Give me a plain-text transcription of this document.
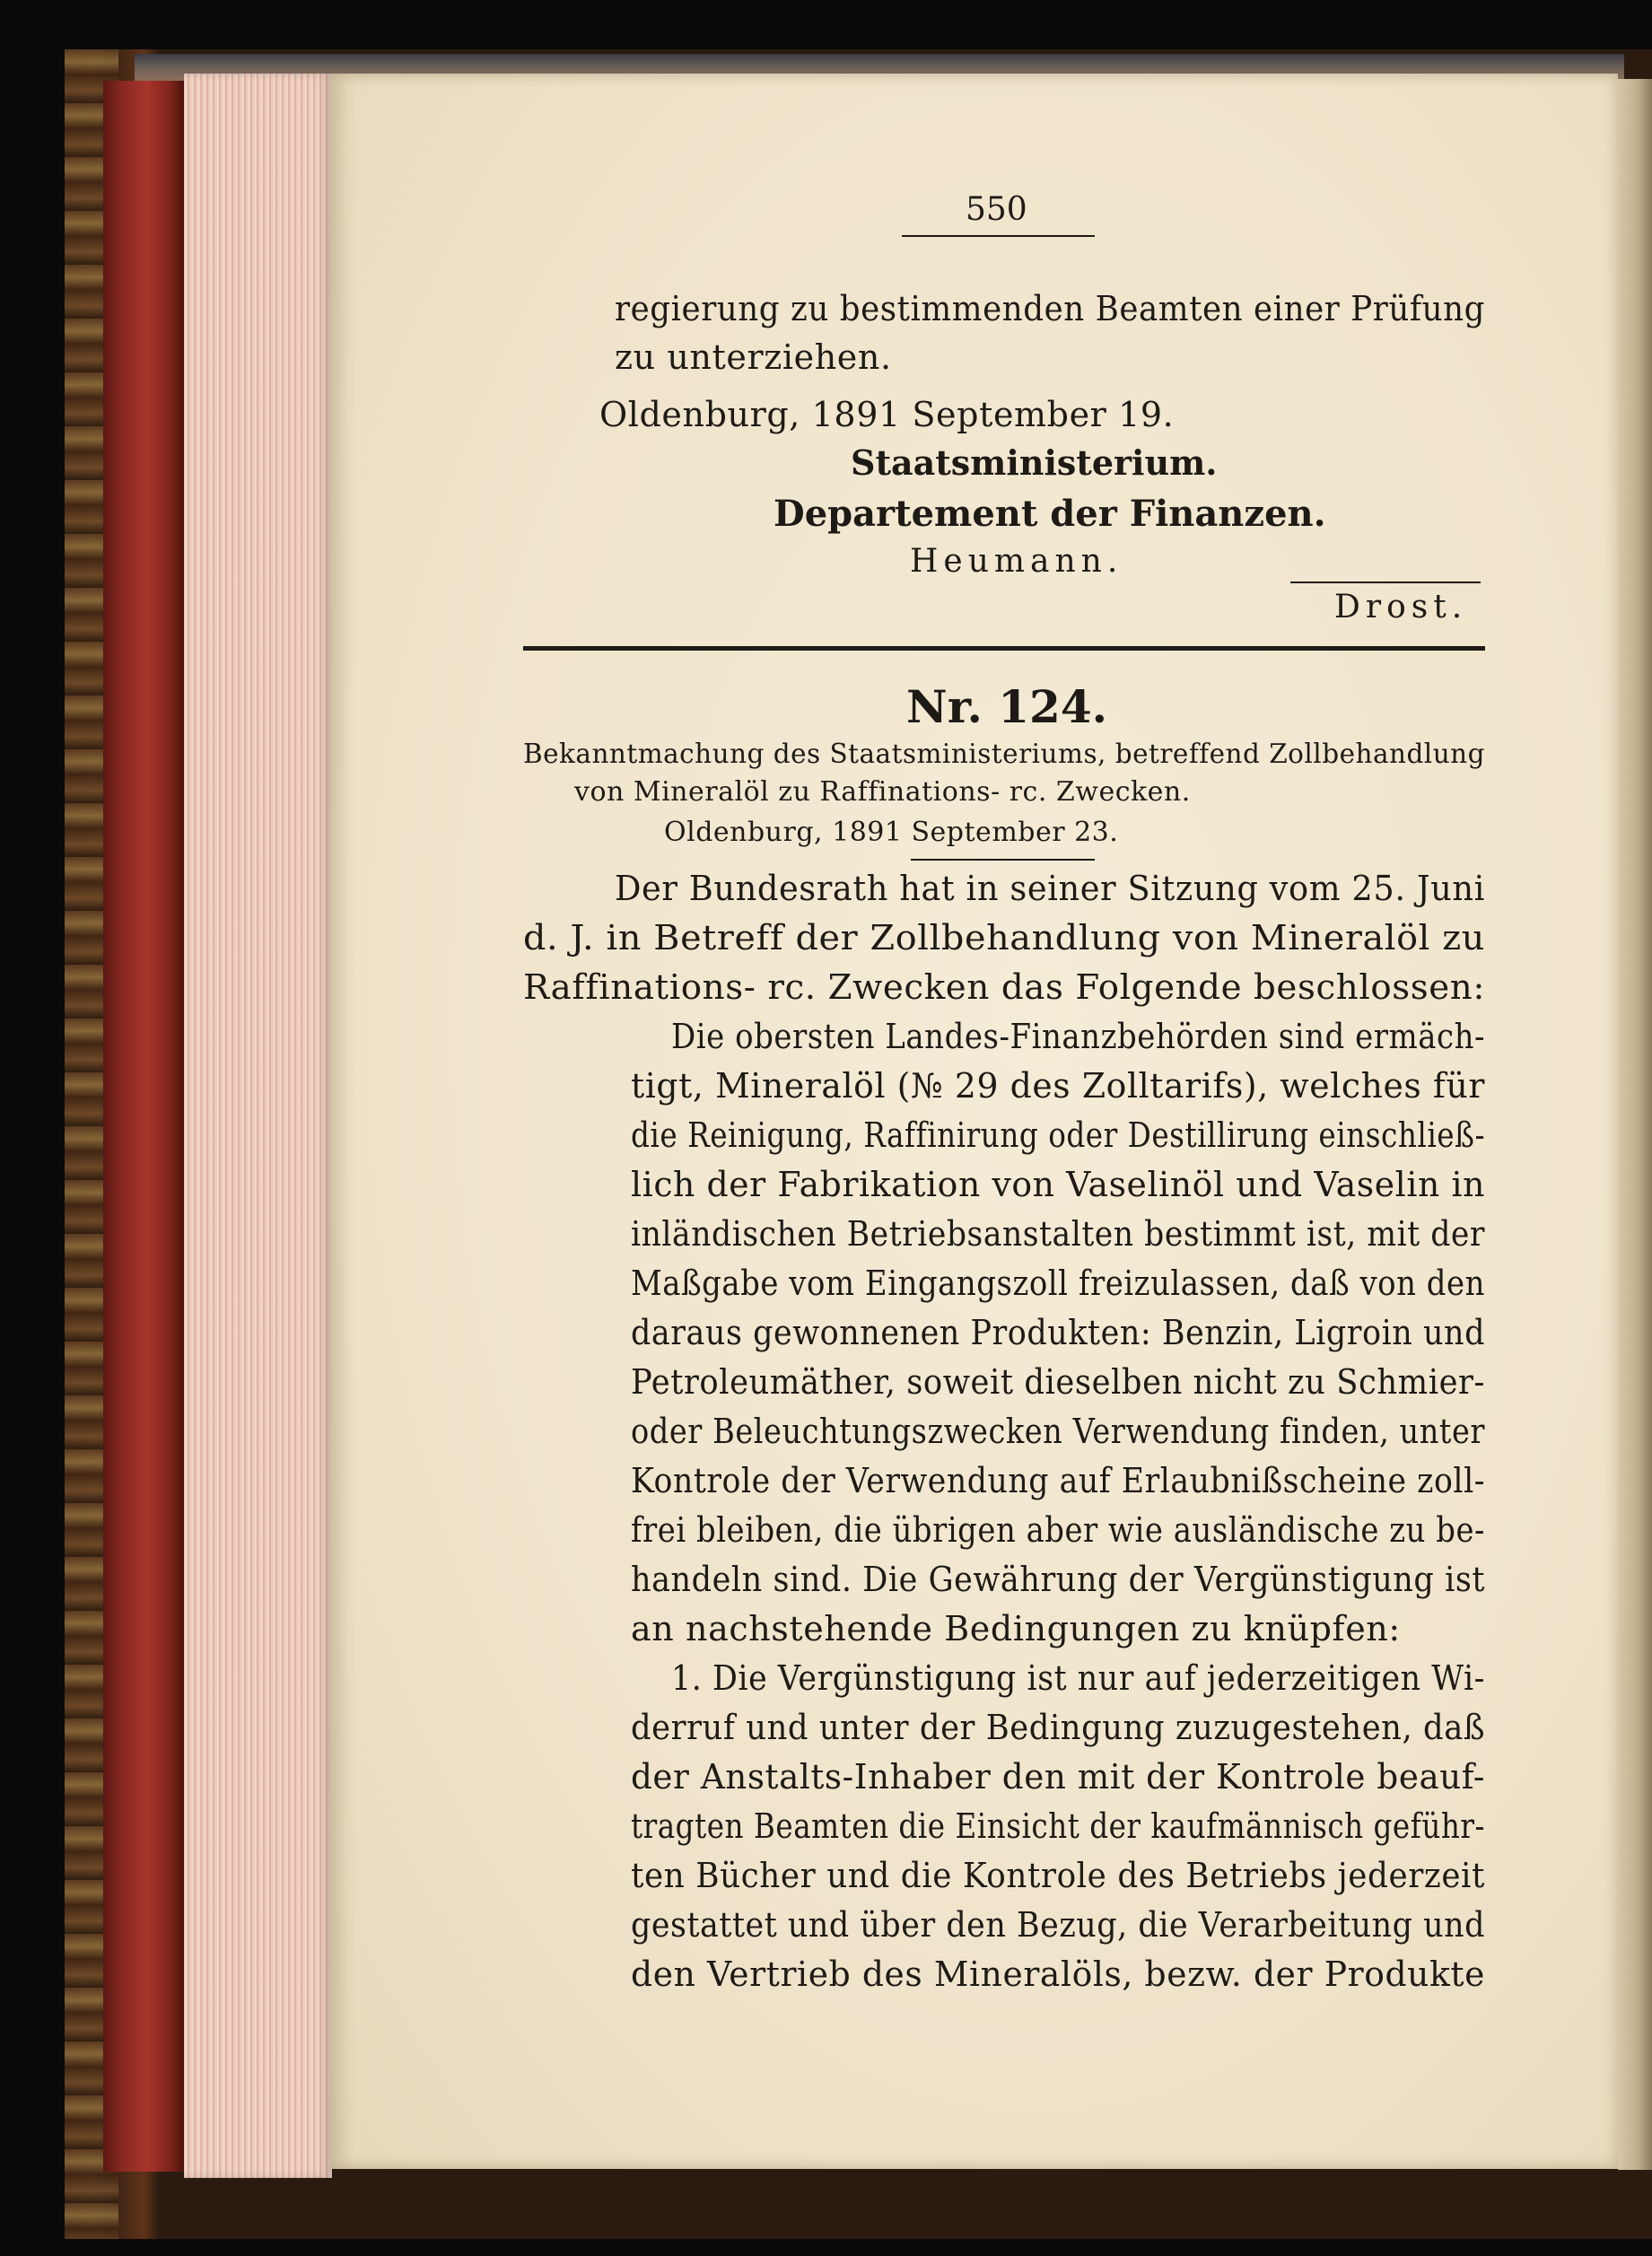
550
regierung zu bestimmenden Beamten einer Prüfung
zu unterziehen.
Oldenburg, 1891 September 19.
Staatsministerium.
Departement der Finanzen.
Heumann.
Drost.
Nr. 124.
Bekanntmachung des Staatsministeriums, betreffend Zollbehandlung
von Mineralöl zu Raffinations- rc. Zwecken.
Oldenburg, 1891 September 23.
Der Bundesrath hat in seiner Sitzung vom 25. Juni
d. J. in Betreff der Zollbehandlung von Mineralöl zu
Raffinations- rc. Zwecken das Folgende beschlossen:
Die obersten Landes-Finanzbehörden sind ermäch-
tigt, Mineralöl (№ 29 des Zolltarifs), welches für
die Reinigung, Raffinirung oder Destillirung einschließ-
lich der Fabrikation von Vaselinöl und Vaselin in
inländischen Betriebsanstalten bestimmt ist, mit der
Maßgabe vom Eingangszoll freizulassen, daß von den
daraus gewonnenen Produkten: Benzin, Ligroin und
Petroleumäther, soweit dieselben nicht zu Schmier-
oder Beleuchtungszwecken Verwendung finden, unter
Kontrole der Verwendung auf Erlaubnißscheine zoll-
frei bleiben, die übrigen aber wie ausländische zu be-
handeln sind. Die Gewährung der Vergünstigung ist
an nachstehende Bedingungen zu knüpfen:
1. Die Vergünstigung ist nur auf jederzeitigen Wi-
derruf und unter der Bedingung zuzugestehen, daß
der Anstalts-Inhaber den mit der Kontrole beauf-
tragten Beamten die Einsicht der kaufmännisch geführ-
ten Bücher und die Kontrole des Betriebs jederzeit
gestattet und über den Bezug, die Verarbeitung und
den Vertrieb des Mineralöls, bezw. der Produkte
